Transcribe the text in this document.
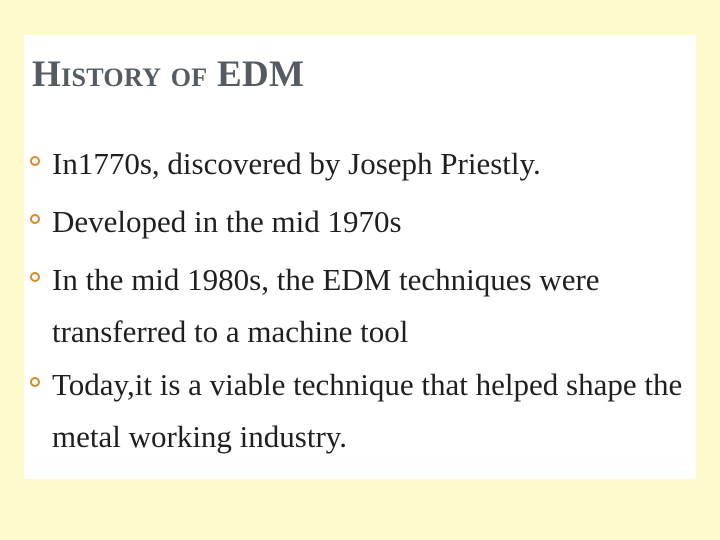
History of EDM
In1770s, discovered by Joseph Priestly.
Developed in the mid 1970s
In the mid 1980s, the EDM techniques were transferred to a machine tool
Today,it is a viable technique that helped shape the metal working industry.
